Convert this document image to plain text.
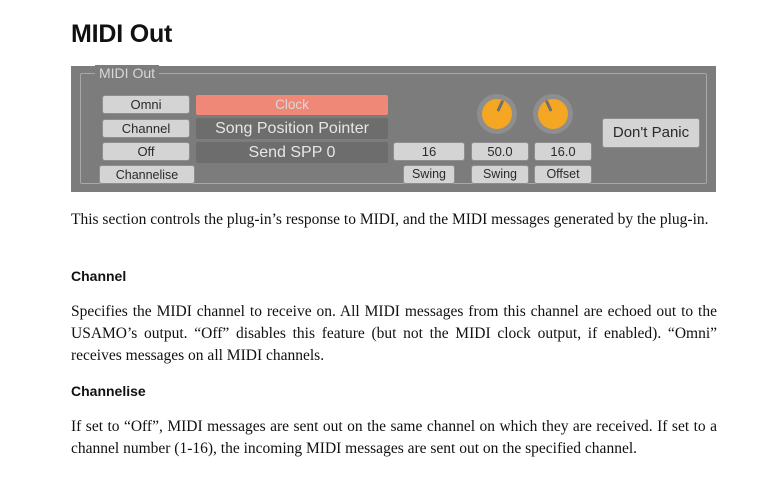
MIDI Out
MIDI Out
Omni
Channel
Off
Channelise
Clock
Song Position Pointer
Send SPP 0	16
Swing
50.0
Swing
16.0
Offset
Don't Panic
This section controls the plug-in’s response to MIDI, and the MIDI messages generated by the plug-in.
Channel
Specifies the MIDI channel to receive on. All MIDI messages from this channel are echoed out to the USAMO’s output. “Off” disables this feature (but not the MIDI clock output, if enabled). “Omni” receives messages on all MIDI channels.
Channelise
If set to “Off”, MIDI messages are sent out on the same channel on which they are received. If set to a channel number (1-16), the incoming MIDI messages are sent out on the specified channel.
